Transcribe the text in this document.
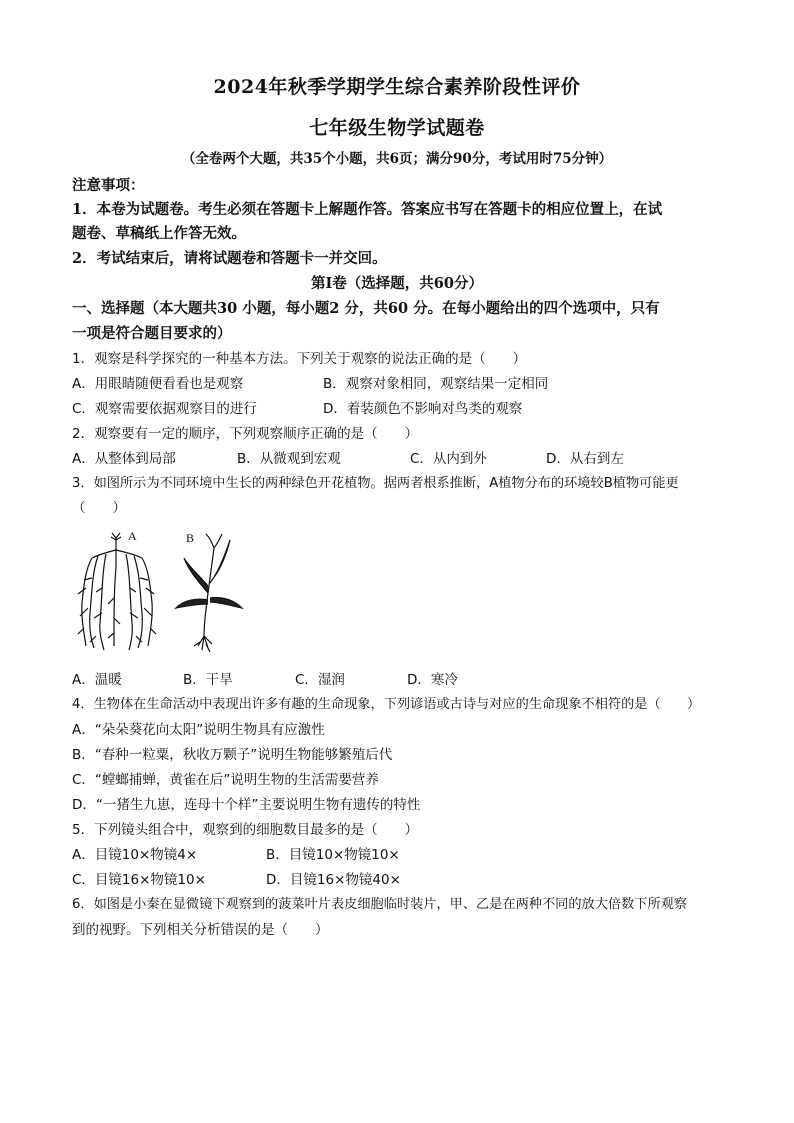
2024年秋季学期学生综合素养阶段性评价
七年级生物学试题卷
（全卷两个大题，共35个小题，共6页；满分90分，考试用时75分钟）
注意事项：
1．本卷为试题卷。考生必须在答题卡上解题作答。答案应书写在答题卡的相应位置上，在试
题卷、草稿纸上作答无效。
2．考试结束后，请将试题卷和答题卡一并交回。
第Ⅰ卷（选择题，共60分）
一、选择题（本大题共30 小题，每小题2 分，共60 分。在每小题给出的四个选项中，只有
一项是符合题目要求的）
1．观察是科学探究的一种基本方法。下列关于观察的说法正确的是（　　）
A．用眼睛随便看看也是观察	B．观察对象相同，观察结果一定相同
C．观察需要依据观察目的进行	D．着装颜色不影响对鸟类的观察
2．观察要有一定的顺序，下列观察顺序正确的是（　　）
A．从整体到局部	B．从微观到宏观	C．从内到外	D．从右到左
3．如图所示为不同环境中生长的两种绿色开花植物。据两者根系推断，A植物分布的环境较B植物可能更
（　　）
A	B
A．温暖	B．干旱	C．湿润	D．寒冷
4．生物体在生命活动中表现出许多有趣的生命现象，下列谚语或古诗与对应的生命现象不相符的是（　　）
A．“朵朵葵花向太阳”说明生物具有应激性
B．“春种一粒粟，秋收万颗子”说明生物能够繁殖后代
C．“螳螂捕蝉，黄雀在后”说明生物的生活需要营养
D．“一猪生九崽，连母十个样”主要说明生物有遗传的特性
5．下列镜头组合中，观察到的细胞数目最多的是（　　）
A．目镜10×物镜4×	B．目镜10×物镜10×
C．目镜16×物镜10×	D．目镜16×物镜40×
6．如图是小秦在显微镜下观察到的菠菜叶片表皮细胞临时装片，甲、乙是在两种不同的放大倍数下所观察
到的视野。下列相关分析错误的是（　　）
